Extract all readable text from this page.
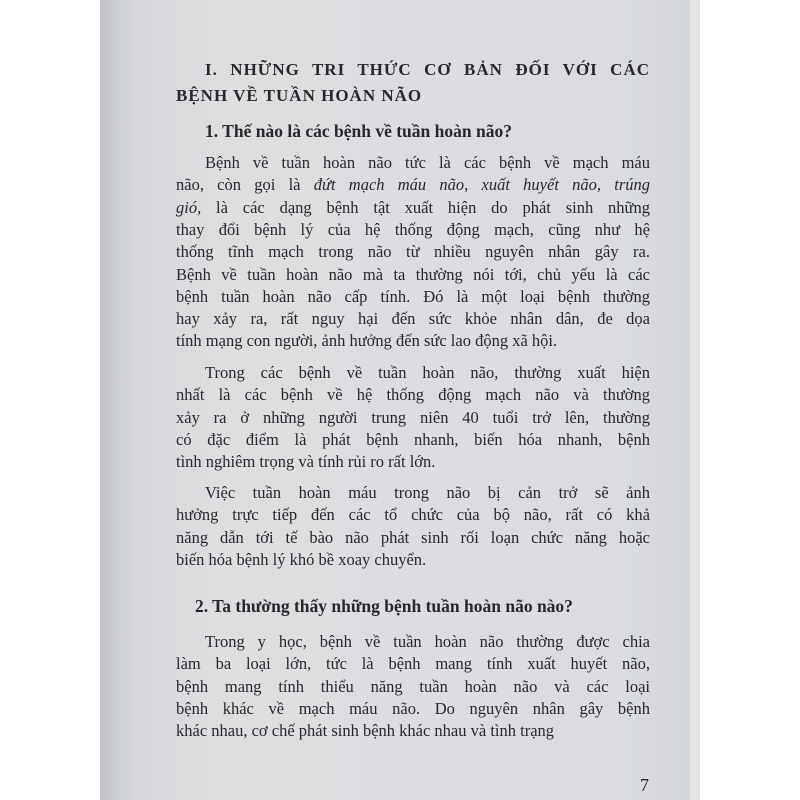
I. NHỮNG TRI THỨC CƠ BẢN ĐỐI VỚI CÁC
BỆNH VỀ TUẦN HOÀN NÃO
1. Thế nào là các bệnh về tuần hoàn não?
Bệnh về tuần hoàn não tức là các bệnh về mạch máu
não, còn gọi là đứt mạch máu não, xuất huyết não, trúng
gió, là các dạng bệnh tật xuất hiện do phát sinh những
thay đổi bệnh lý của hệ thống động mạch, cũng như hệ
thống tĩnh mạch trong não từ nhiều nguyên nhân gây ra.
Bệnh về tuần hoàn não mà ta thường nói tới, chủ yếu là các
bệnh tuần hoàn não cấp tính. Đó là một loại bệnh thường
hay xảy ra, rất nguy hại đến sức khỏe nhân dân, đe dọa
tính mạng con người, ảnh hưởng đến sức lao động xã hội.
Trong các bệnh về tuần hoàn não, thường xuất hiện
nhất là các bệnh về hệ thống động mạch não và thường
xảy ra ở những người trung niên 40 tuổi trở lên, thường
có đặc điểm là phát bệnh nhanh, biến hóa nhanh, bệnh
tình nghiêm trọng và tính rủi ro rất lớn.
Việc tuần hoàn máu trong não bị cản trở sẽ ảnh
hưởng trực tiếp đến các tổ chức của bộ não, rất có khả
năng dẫn tới tế bào não phát sinh rối loạn chức năng hoặc
biến hóa bệnh lý khó bề xoay chuyển.
2. Ta thường thấy những bệnh tuần hoàn não nào?
Trong y học, bệnh về tuần hoàn não thường được chia
làm ba loại lớn, tức là bệnh mang tính xuất huyết não,
bệnh mang tính thiểu năng tuần hoàn não và các loại
bệnh khác về mạch máu não. Do nguyên nhân gây bệnh
khác nhau, cơ chế phát sinh bệnh khác nhau và tình trạng
7
